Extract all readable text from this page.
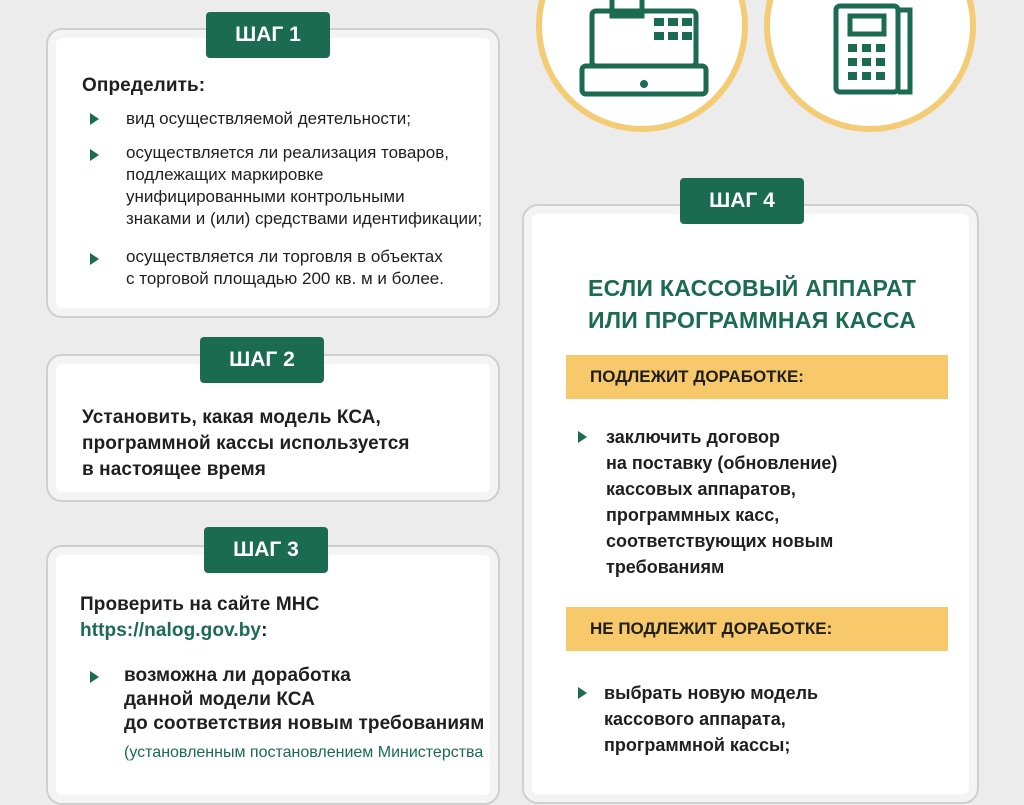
ШАГ 1
Определить:
вид осуществляемой деятельности;
осуществляется ли реализация товаров,
подлежащих маркировке
унифицированными контрольными
знаками и (или) средствами идентификации;
осуществляется ли торговля в объектах
с торговой площадью 200 кв. м и более.
ШАГ 2
Установить, какая модель КСА,
программной кассы используется
в настоящее время
ШАГ 3
Проверить на сайте МНС
https://nalog.gov.by:
возможна ли доработка
данной модели КСА
до соответствия новым требованиям
(установленным постановлением Министерства
ШАГ 4
ЕСЛИ КАССОВЫЙ АППАРАТ
ИЛИ ПРОГРАММНАЯ КАССА
ПОДЛЕЖИТ ДОРАБОТКЕ:
заключить договор
на поставку (обновление)
кассовых аппаратов,
программных касс,
соответствующих новым
требованиям
НЕ ПОДЛЕЖИТ ДОРАБОТКЕ:
выбрать новую модель
кассового аппарата,
программной кассы;
